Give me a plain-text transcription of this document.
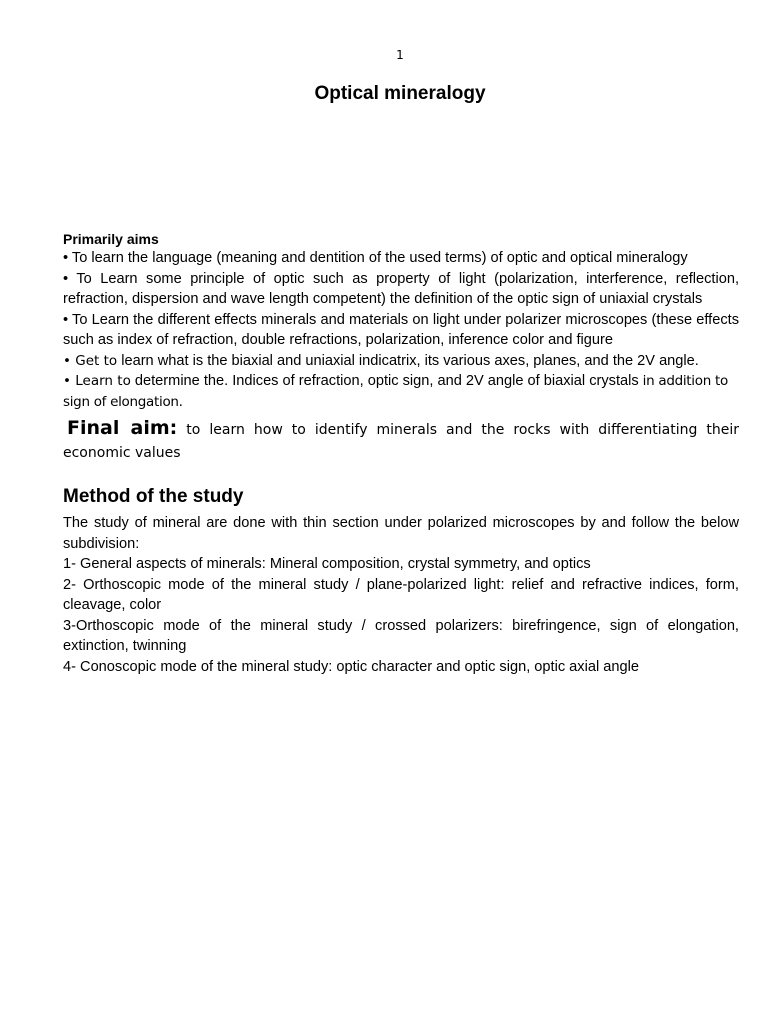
1
Optical mineralogy

Primarily aims

• To learn the language (meaning and dentition of the used terms) of optic and optical mineralogy

• To Learn some principle of optic such as property of light (polarization, interference, reflection, refraction, dispersion and wave length competent) the definition of the optic sign of uniaxial crystals

• To Learn the different effects minerals and materials on light under polarizer microscopes (these effects such as index of refraction, double refractions, polarization, inference color and figure

• Get to learn what is the biaxial and uniaxial indicatrix, its various axes, planes, and the 2V angle.

• Learn to determine the. Indices of refraction, optic sign, and 2V angle of biaxial crystals in addition to sign of elongation.

Final aim: to learn how to identify minerals and the rocks with differentiating their economic values

Method of the study

The study of mineral are done with thin section under polarized microscopes by and follow the below subdivision:

1- General aspects of minerals: Mineral composition, crystal symmetry, and optics

2- Orthoscopic mode of the mineral study / plane-polarized light: relief and refractive indices, form, cleavage, color

3-Orthoscopic mode of the mineral study / crossed polarizers: birefringence, sign of elongation, extinction, twinning

4- Conoscopic mode of the mineral study: optic character and optic sign, optic axial angle
